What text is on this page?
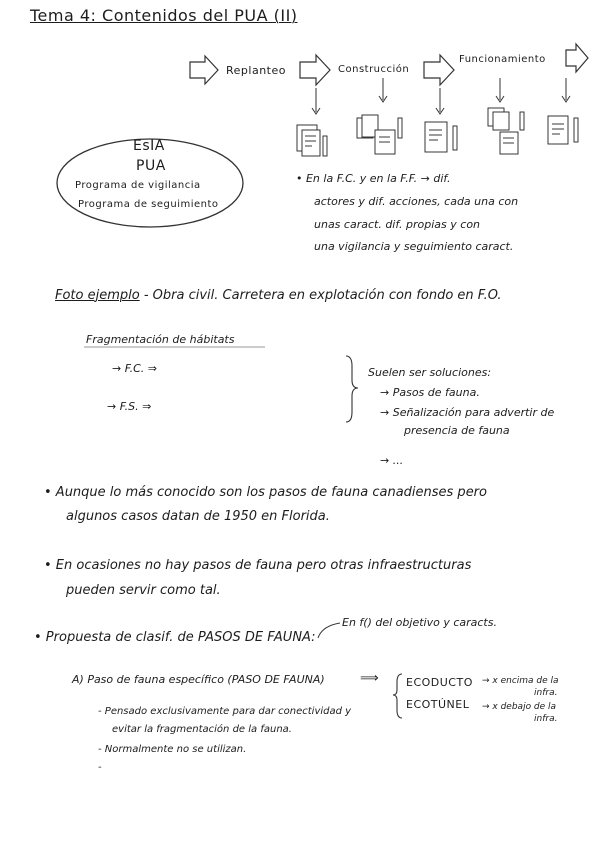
Tema 4: Contenidos del PUA (II)
Replanteo	Construcción
Funcionamiento
EsIA
PUA
Programa de vigilancia
Programa de seguimiento
• En la F.C. y en la F.F. → dif.
actores y dif. acciones, cada una con
unas caract. dif. propias y con
una vigilancia y seguimiento caract.
Foto ejemplo - Obra civil. Carretera en explotación con fondo en F.O.
Fragmentación de hábitats
→ F.C. ⇒
→ F.S. ⇒
Suelen ser soluciones:
→ Pasos de fauna.
→ Señalización para advertir de
presencia de fauna
→ ...
• Aunque lo más conocido son los pasos de fauna canadienses pero
algunos casos datan de 1950 en Florida.
• En ocasiones no hay pasos de fauna pero otras infraestructuras
pueden servir como tal.
• Propuesta de clasif. de PASOS DE FAUNA:
En f() del objetivo y caracts.
A) Paso de fauna específico (PASO DE FAUNA)	⟹ ECODUCTO → x encima de la
infra.
ECOTÚNEL → x debajo de la
infra.
- Pensado exclusivamente para dar conectividad y
evitar la fragmentación de la fauna.
- Normalmente no se utilizan.
-
